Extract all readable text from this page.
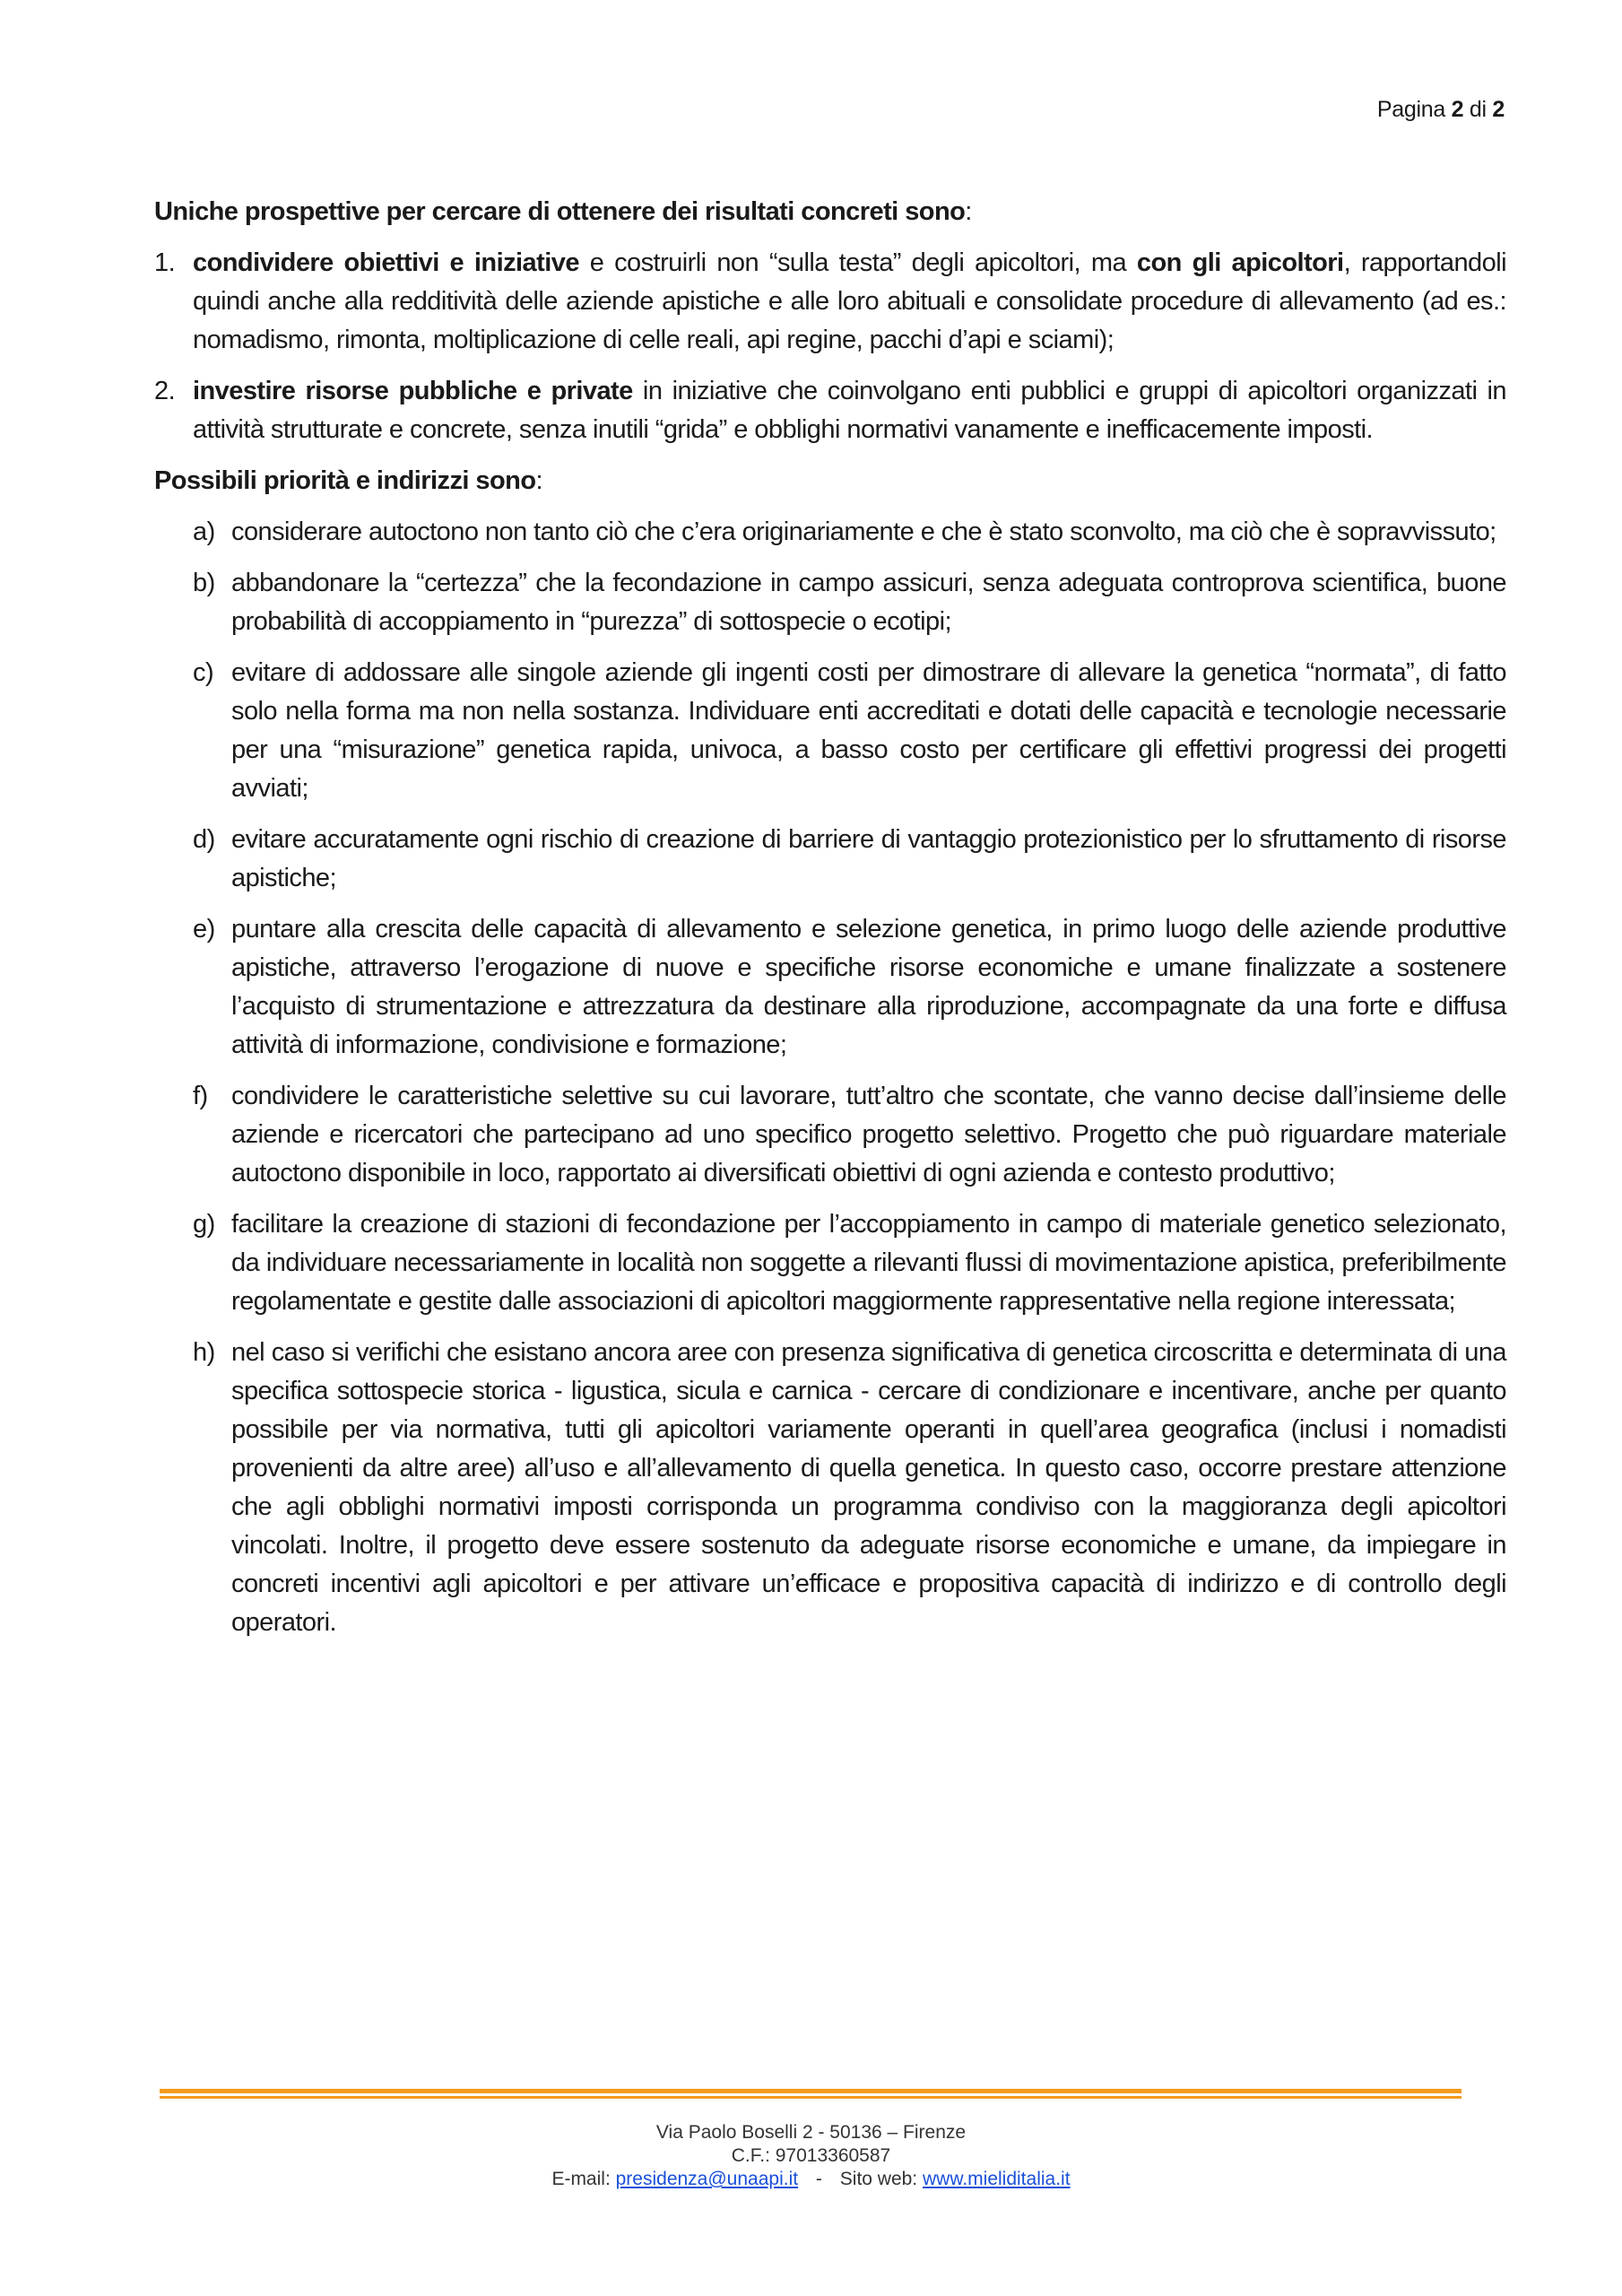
Pagina 2 di 2

Uniche prospettive per cercare di ottenere dei risultati concreti sono:

1. condividere obiettivi e iniziative e costruirli non “sulla testa” degli apicoltori, ma con gli apicoltori, rapportandoli quindi anche alla redditività delle aziende apistiche e alle loro abituali e consolidate procedure di allevamento (ad es.: nomadismo, rimonta, moltiplicazione di celle reali, api regine, pacchi d’api e sciami);
2. investire risorse pubbliche e private in iniziative che coinvolgano enti pubblici e gruppi di apicoltori organizzati in attività strutturate e concrete, senza inutili “grida” e obblighi normativi vanamente e inefficacemente imposti.

Possibili priorità e indirizzi sono:

a) considerare autoctono non tanto ciò che c’era originariamente e che è stato sconvolto, ma ciò che è sopravvissuto;
b) abbandonare la “certezza” che la fecondazione in campo assicuri, senza adeguata controprova scientifica, buone probabilità di accoppiamento in “purezza” di sottospecie o ecotipi;
c) evitare di addossare alle singole aziende gli ingenti costi per dimostrare di allevare la genetica “normata”, di fatto solo nella forma ma non nella sostanza. Individuare enti accreditati e dotati delle capacità e tecnologie necessarie per una “misurazione” genetica rapida, univoca, a basso costo per certificare gli effettivi progressi dei progetti avviati;
d) evitare accuratamente ogni rischio di creazione di barriere di vantaggio protezionistico per lo sfruttamento di risorse apistiche;
e) puntare alla crescita delle capacità di allevamento e selezione genetica, in primo luogo delle aziende produttive apistiche, attraverso l’erogazione di nuove e specifiche risorse economiche e umane finalizzate a sostenere l’acquisto di strumentazione e attrezzatura da destinare alla riproduzione, accompagnate da una forte e diffusa attività di informazione, condivisione e formazione;
f) condividere le caratteristiche selettive su cui lavorare, tutt’altro che scontate, che vanno decise dall’insieme delle aziende e ricercatori che partecipano ad uno specifico progetto selettivo. Progetto che può riguardare materiale autoctono disponibile in loco, rapportato ai diversificati obiettivi di ogni azienda e contesto produttivo;
g) facilitare la creazione di stazioni di fecondazione per l’accoppiamento in campo di materiale genetico selezionato, da individuare necessariamente in località non soggette a rilevanti flussi di movimentazione apistica, preferibilmente regolamentate e gestite dalle associazioni di apicoltori maggiormente rappresentative nella regione interessata;
h) nel caso si verifichi che esistano ancora aree con presenza significativa di genetica circoscritta e determinata di una specifica sottospecie storica - ligustica, sicula e carnica - cercare di condizionare e incentivare, anche per quanto possibile per via normativa, tutti gli apicoltori variamente operanti in quell’area geografica (inclusi i nomadisti provenienti da altre aree) all’uso e all’allevamento di quella genetica. In questo caso, occorre prestare attenzione che agli obblighi normativi imposti corrisponda un programma condiviso con la maggioranza degli apicoltori vincolati. Inoltre, il progetto deve essere sostenuto da adeguate risorse economiche e umane, da impiegare in concreti incentivi agli apicoltori e per attivare un’efficace e propositiva capacità di indirizzo e di controllo degli operatori.
Via Paolo Boselli 2 - 50136 – Firenze
C.F.: 97013360587
E-mail: presidenza@unaapi.it - Sito web: www.mieliditalia.it
